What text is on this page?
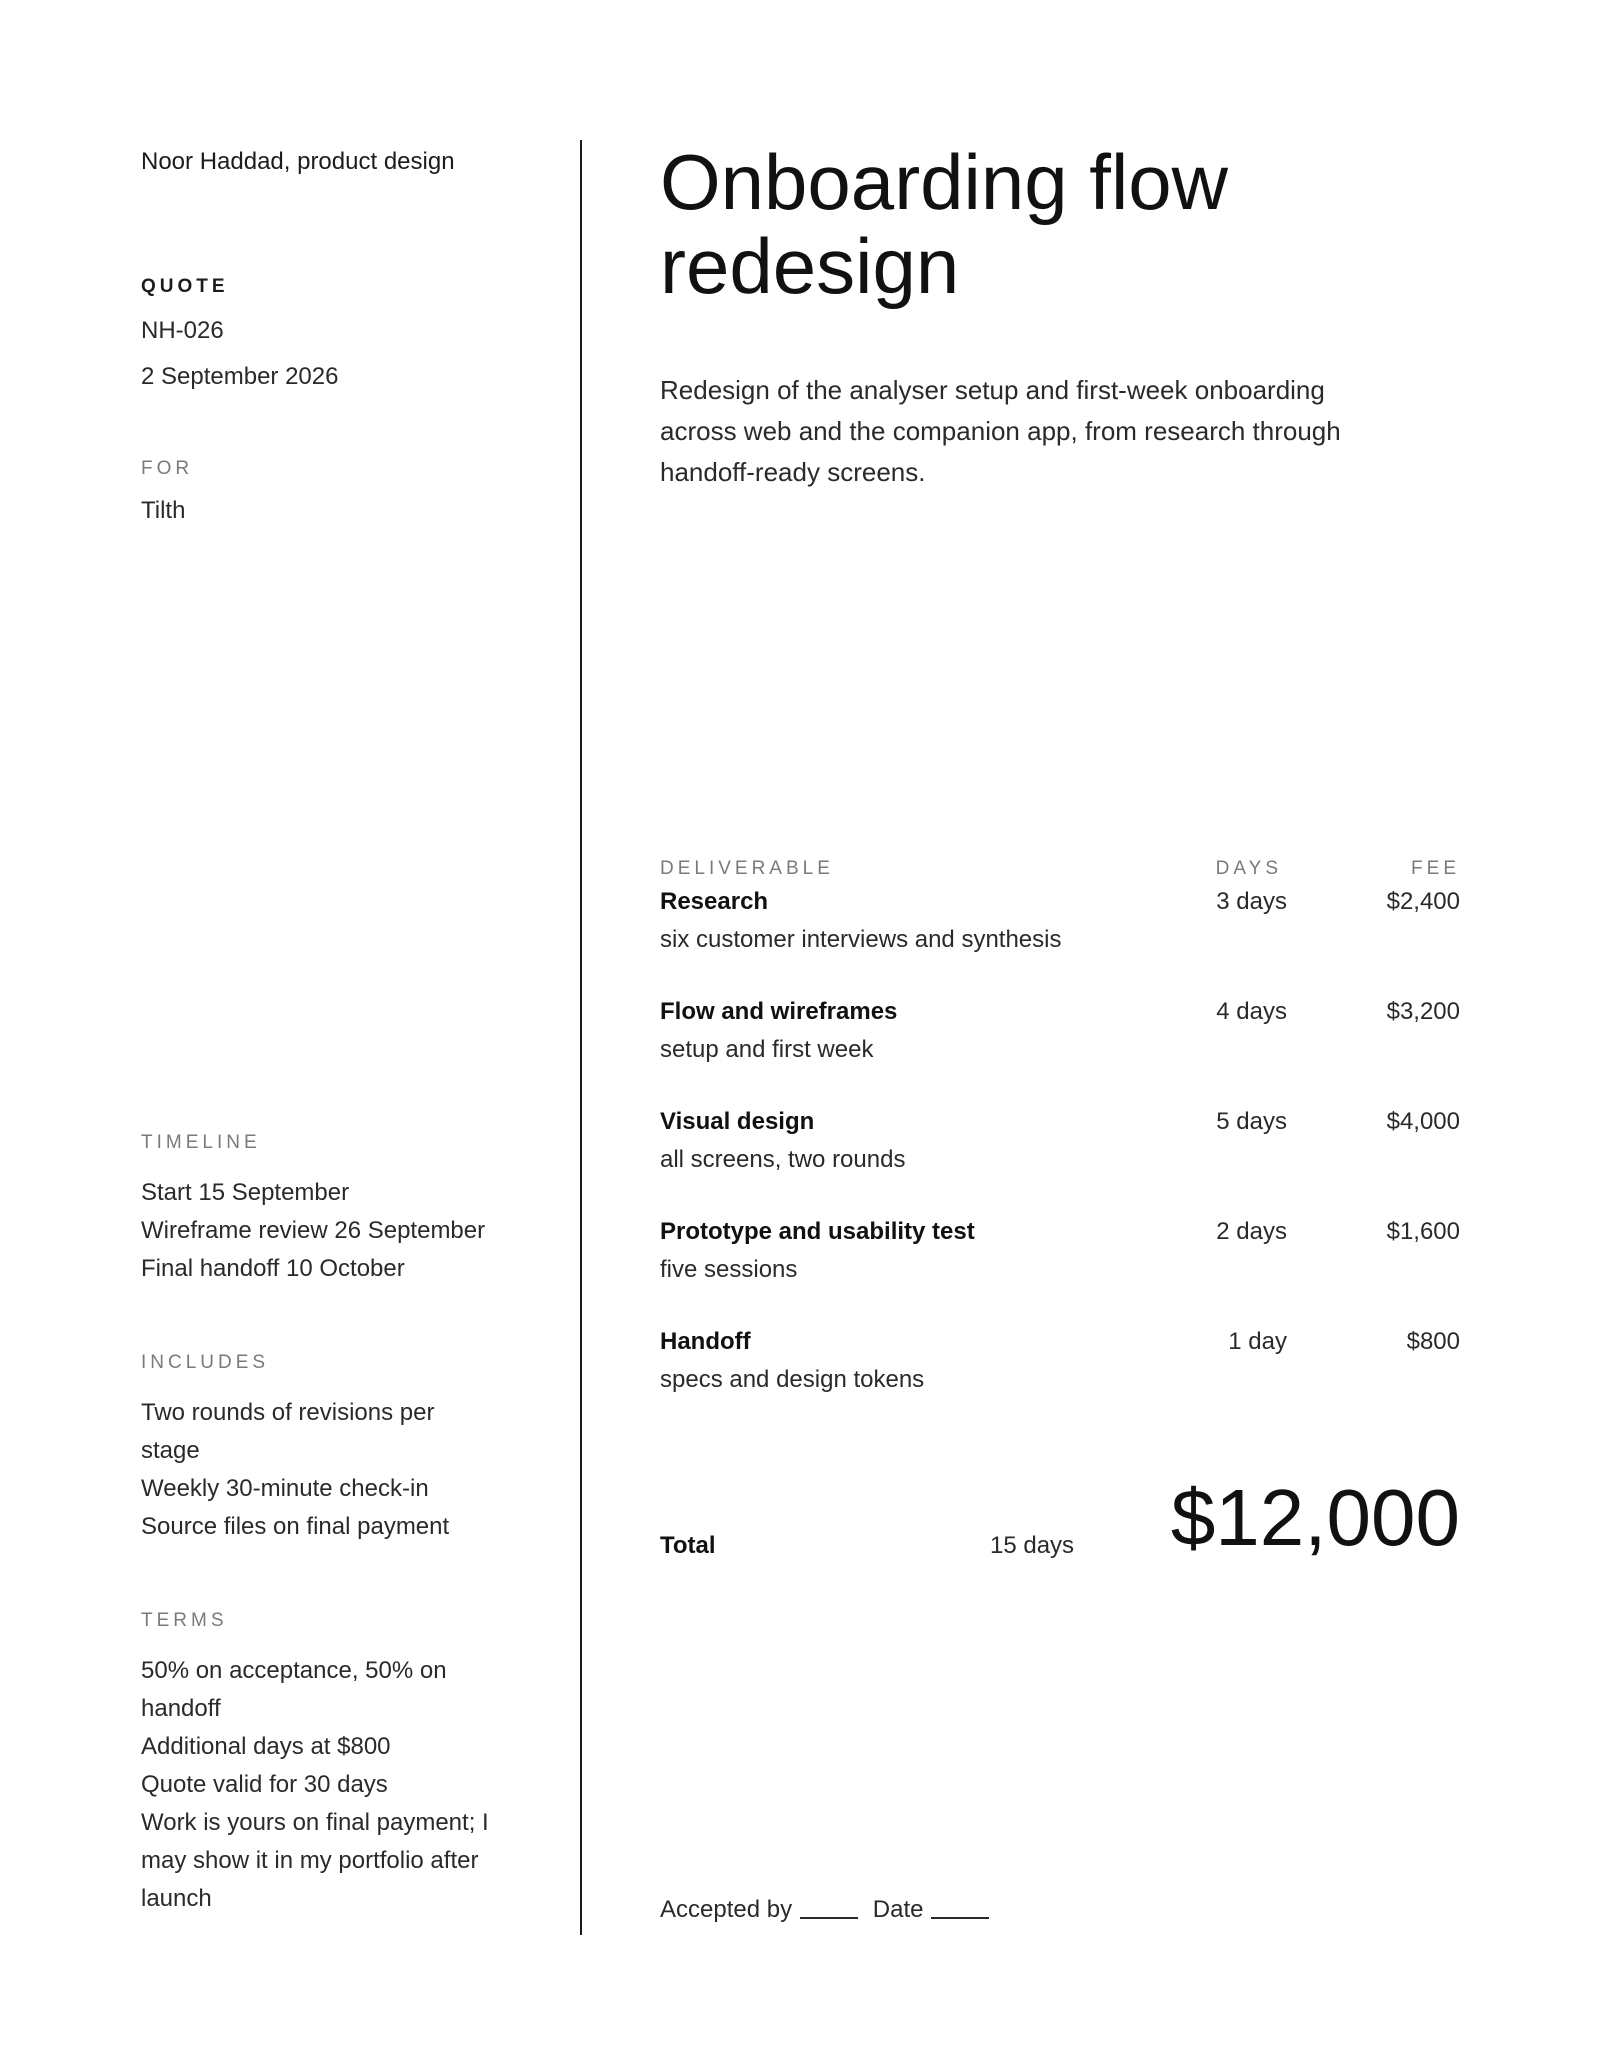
Noor Haddad, product design
QUOTE
NH-026
2 September 2026
FOR
Tilth
TIMELINE
Start 15 September
Wireframe review 26 September
Final handoff 10 October
INCLUDES
Two rounds of revisions per stage
Weekly 30-minute check-in
Source files on final payment
TERMS
50% on acceptance, 50% on handoff
Additional days at $800
Quote valid for 30 days
Work is yours on final payment; I may show it in my portfolio after launch
Onboarding flow redesign

Redesign of the analyser setup and first-week onboarding across web and the companion app, from research through handoff-ready screens.

DELIVERABLE	DAYS	FEE
Research
six customer interviews and synthesis
3 days	$2,400
Flow and wireframes
setup and first week
4 days	$3,200
Visual design
all screens, two rounds
5 days	$4,000
Prototype and usability test
five sessions
2 days	$1,600
Handoff
specs and design tokens
1 day	$800
Total	15 days $12,000
Accepted by	Date
